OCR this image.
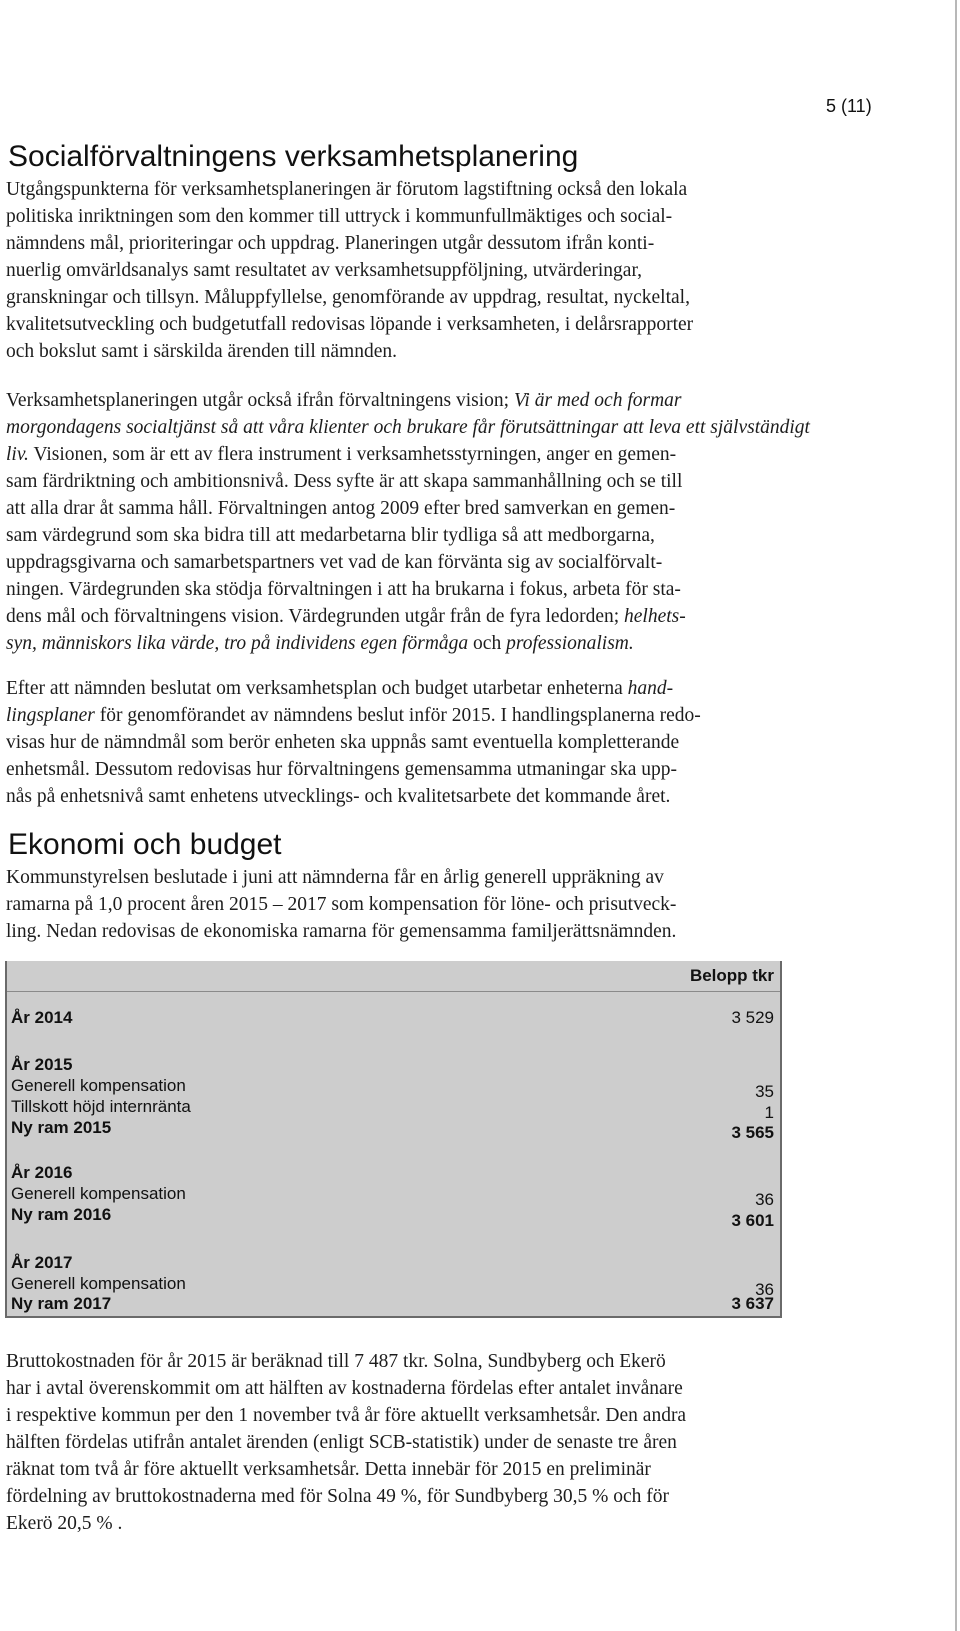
5 (11)
Socialförvaltningens verksamhetsplanering
Utgångspunkterna för verksamhetsplaneringen är förutom lagstiftning också den lokala
politiska inriktningen som den kommer till uttryck i kommunfullmäktiges och social-
nämndens mål, prioriteringar och uppdrag. Planeringen utgår dessutom ifrån konti-
nuerlig omvärldsanalys samt resultatet av verksamhetsuppföljning, utvärderingar,
granskningar och tillsyn. Måluppfyllelse, genomförande av uppdrag, resultat, nyckeltal,
kvalitetsutveckling och budgetutfall redovisas löpande i verksamheten, i delårsrapporter
och bokslut samt i särskilda ärenden till nämnden.
Verksamhetsplaneringen utgår också ifrån förvaltningens vision; Vi är med och formar
morgondagens socialtjänst så att våra klienter och brukare får förutsättningar att leva ett självständigt
liv. Visionen, som är ett av flera instrument i verksamhetsstyrningen, anger en gemen-
sam färdriktning och ambitionsnivå. Dess syfte är att skapa sammanhållning och se till
att alla drar åt samma håll. Förvaltningen antog 2009 efter bred samverkan en gemen-
sam värdegrund som ska bidra till att medarbetarna blir tydliga så att medborgarna,
uppdragsgivarna och samarbetspartners vet vad de kan förvänta sig av socialförvalt-
ningen. Värdegrunden ska stödja förvaltningen i att ha brukarna i fokus, arbeta för sta-
dens mål och förvaltningens vision. Värdegrunden utgår från de fyra ledorden; helhets-
syn, människors lika värde, tro på individens egen förmåga och professionalism.
Efter att nämnden beslutat om verksamhetsplan och budget utarbetar enheterna hand-
lingsplaner för genomförandet av nämndens beslut inför 2015. I handlingsplanerna redo-
visas hur de nämndmål som berör enheten ska uppnås samt eventuella kompletterande
enhetsmål. Dessutom redovisas hur förvaltningens gemensamma utmaningar ska upp-
nås på enhetsnivå samt enhetens utvecklings- och kvalitetsarbete det kommande året.
Ekonomi och budget
Kommunstyrelsen beslutade i juni att nämnderna får en årlig generell uppräkning av
ramarna på 1,0 procent åren 2015 – 2017 som kompensation för löne- och prisutveck-
ling. Nedan redovisas de ekonomiska ramarna för gemensamma familjerättsnämnden.
Belopp tkr
År 2014	3 529
År 2015
Generell kompensation	35
Tillskott höjd internränta	1
Ny ram 2015	3 565
År 2016
Generell kompensation	36
Ny ram 2016	3 601
År 2017
Generell kompensation	36
Ny ram 2017	3 637
Bruttokostnaden för år 2015 är beräknad till 7 487 tkr. Solna, Sundbyberg och Ekerö
har i avtal överenskommit om att hälften av kostnaderna fördelas efter antalet invånare
i respektive kommun per den 1 november två år före aktuellt verksamhetsår. Den andra
hälften fördelas utifrån antalet ärenden (enligt SCB-statistik) under de senaste tre åren
räknat tom två år före aktuellt verksamhetsår. Detta innebär för 2015 en preliminär
fördelning av bruttokostnaderna med för Solna 49 %, för Sundbyberg 30,5 % och för
Ekerö 20,5 % .
